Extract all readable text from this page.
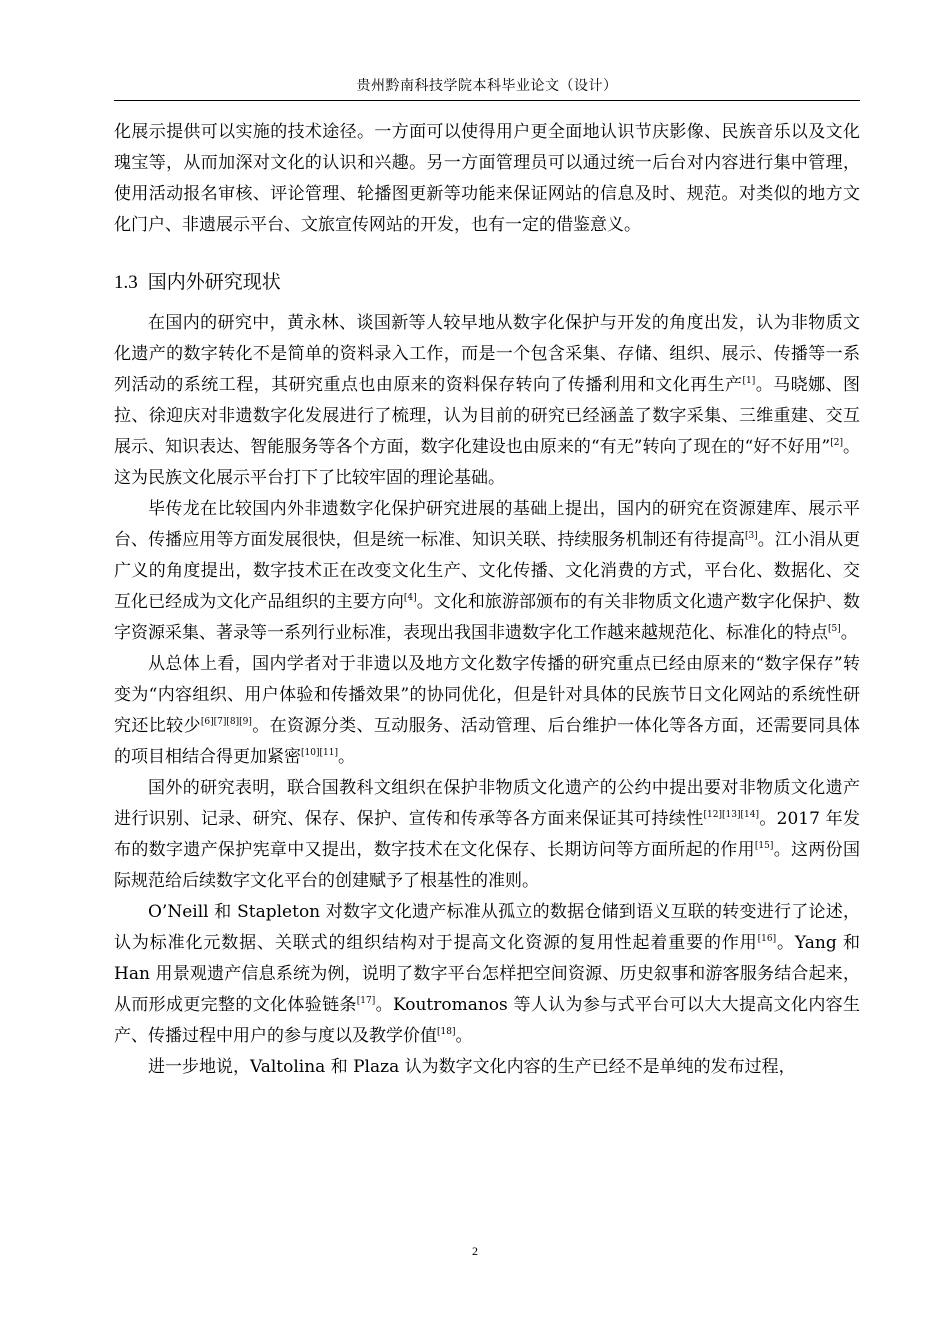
贵州黔南科技学院本科毕业论文（设计）

化展示提供可以实施的技术途径。一方面可以使得用户更全面地认识节庆影像、民族音乐以及文化瑰宝等，从而加深对文化的认识和兴趣。另一方面管理员可以通过统一后台对内容进行集中管理，使用活动报名审核、评论管理、轮播图更新等功能来保证网站的信息及时、规范。对类似的地方文化门户、非遗展示平台、文旅宣传网站的开发，也有一定的借鉴意义。

1.3 国内外研究现状

在国内的研究中，黄永林、谈国新等人较早地从数字化保护与开发的角度出发，认为非物质文化遗产的数字转化不是简单的资料录入工作，而是一个包含采集、存储、组织、展示、传播等一系列活动的系统工程，其研究重点也由原来的资料保存转向了传播利用和文化再生产[1]。马晓娜、图拉、徐迎庆对非遗数字化发展进行了梳理，认为目前的研究已经涵盖了数字采集、三维重建、交互展示、知识表达、智能服务等各个方面，数字化建设也由原来的“有无”转向了现在的“好不好用”[2]。这为民族文化展示平台打下了比较牢固的理论基础。

毕传龙在比较国内外非遗数字化保护研究进展的基础上提出，国内的研究在资源建库、展示平台、传播应用等方面发展很快，但是统一标准、知识关联、持续服务机制还有待提高[3]。江小涓从更广义的角度提出，数字技术正在改变文化生产、文化传播、文化消费的方式，平台化、数据化、交互化已经成为文化产品组织的主要方向[4]。文化和旅游部颁布的有关非物质文化遗产数字化保护、数字资源采集、著录等一系列行业标准，表现出我国非遗数字化工作越来越规范化、标准化的特点[5]。

从总体上看，国内学者对于非遗以及地方文化数字传播的研究重点已经由原来的“数字保存”转变为“内容组织、用户体验和传播效果”的协同优化，但是针对具体的民族节日文化网站的系统性研究还比较少[6][7][8][9]。在资源分类、互动服务、活动管理、后台维护一体化等各方面，还需要同具体的项目相结合得更加紧密[10][11]。

国外的研究表明，联合国教科文组织在保护非物质文化遗产的公约中提出要对非物质文化遗产进行识别、记录、研究、保存、保护、宣传和传承等各方面来保证其可持续性[12][13][14]。2017 年发布的数字遗产保护宪章中又提出，数字技术在文化保存、长期访问等方面所起的作用[15]。这两份国际规范给后续数字文化平台的创建赋予了根基性的准则。

O’Neill 和 Stapleton 对数字文化遗产标准从孤立的数据仓储到语义互联的转变进行了论述，认为标准化元数据、关联式的组织结构对于提高文化资源的复用性起着重要的作用[16]。Yang 和 Han 用景观遗产信息系统为例，说明了数字平台怎样把空间资源、历史叙事和游客服务结合起来，从而形成更完整的文化体验链条[17]。Koutromanos 等人认为参与式平台可以大大提高文化内容生产、传播过程中用户的参与度以及教学价值[18]。

进一步地说，Valtolina 和 Plaza 认为数字文化内容的生产已经不是单纯的发布过程，

2
